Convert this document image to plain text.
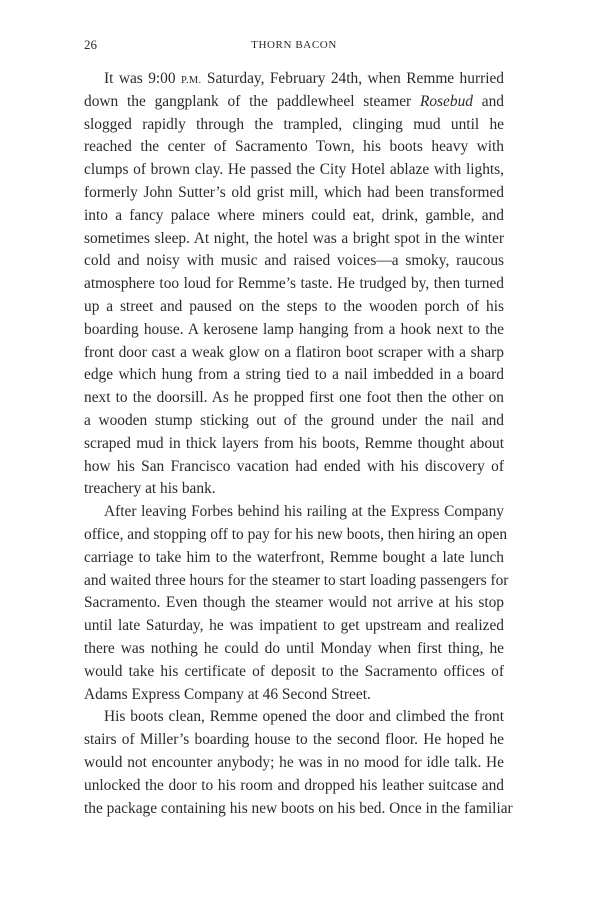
26	THORN BACON
It was 9:00 P.M. Saturday, February 24th, when Remme hurried
down the gangplank of the paddlewheel steamer Rosebud and
slogged rapidly through the trampled, clinging mud until he
reached the center of Sacramento Town, his boots heavy with
clumps of brown clay. He passed the City Hotel ablaze with lights,
formerly John Sutter’s old grist mill, which had been transformed
into a fancy palace where miners could eat, drink, gamble, and
sometimes sleep. At night, the hotel was a bright spot in the winter
cold and noisy with music and raised voices—a smoky, raucous
atmosphere too loud for Remme’s taste. He trudged by, then turned
up a street and paused on the steps to the wooden porch of his
boarding house. A kerosene lamp hanging from a hook next to the
front door cast a weak glow on a flatiron boot scraper with a sharp
edge which hung from a string tied to a nail imbedded in a board
next to the doorsill. As he propped first one foot then the other on
a wooden stump sticking out of the ground under the nail and
scraped mud in thick layers from his boots, Remme thought about
how his San Francisco vacation had ended with his discovery of
treachery at his bank.
After leaving Forbes behind his railing at the Express Company
office, and stopping off to pay for his new boots, then hiring an open
carriage to take him to the waterfront, Remme bought a late lunch
and waited three hours for the steamer to start loading passengers for
Sacramento. Even though the steamer would not arrive at his stop
until late Saturday, he was impatient to get upstream and realized
there was nothing he could do until Monday when first thing, he
would take his certificate of deposit to the Sacramento offices of
Adams Express Company at 46 Second Street.
His boots clean, Remme opened the door and climbed the front
stairs of Miller’s boarding house to the second floor. He hoped he
would not encounter anybody; he was in no mood for idle talk. He
unlocked the door to his room and dropped his leather suitcase and
the package containing his new boots on his bed. Once in the familiar
